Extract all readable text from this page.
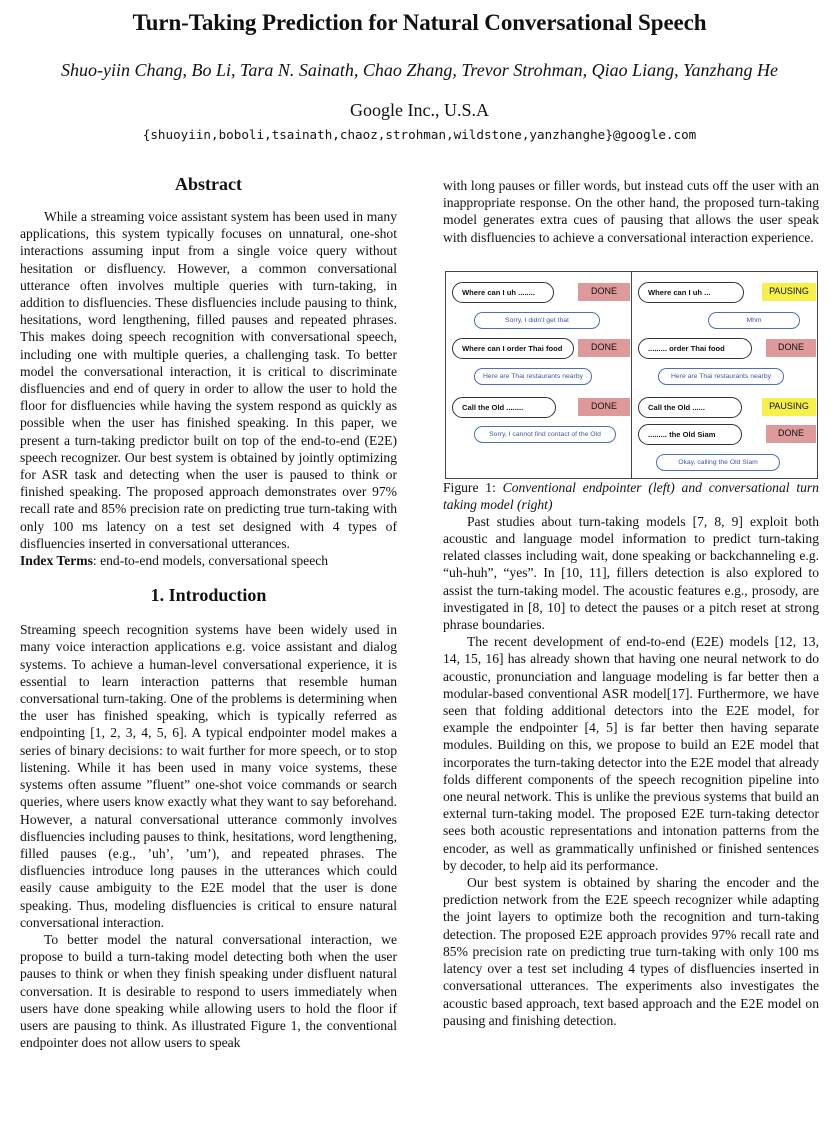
Turn-Taking Prediction for Natural Conversational Speech
Shuo-yiin Chang, Bo Li, Tara N. Sainath, Chao Zhang, Trevor Strohman, Qiao Liang, Yanzhang He
Google Inc., U.S.A
{shuoyiin,boboli,tsainath,chaoz,strohman,wildstone,yanzhanghe}@google.com
Abstract

While a streaming voice assistant system has been used in many applications, this system typically focuses on unnatural, one-shot interactions assuming input from a single voice query without hesitation or disfluency. However, a common conversational utterance often involves multiple queries with turn-taking, in addition to disfluencies. These disfluencies include pausing to think, hesitations, word lengthening, filled pauses and repeated phrases. This makes doing speech recognition with conversational speech, including one with multiple queries, a challenging task. To better model the conversational interaction, it is critical to discriminate disfluencies and end of query in order to allow the user to hold the floor for disfluencies while having the system respond as quickly as possible when the user has finished speaking. In this paper, we present a turn-taking predictor built on top of the end-to-end (E2E) speech recognizer. Our best system is obtained by jointly optimizing for ASR task and detecting when the user is paused to think or finished speaking. The proposed approach demonstrates over 97% recall rate and 85% precision rate on predicting true turn-taking with only 100 ms latency on a test set designed with 4 types of disfluencies inserted in conversational utterances.

Index Terms: end-to-end models, conversational speech

1. Introduction

Streaming speech recognition systems have been widely used in many voice interaction applications e.g. voice assistant and dialog systems. To achieve a human-level conversational experience, it is essential to learn interaction patterns that resemble human conversational turn-taking. One of the problems is determining when the user has finished speaking, which is typically referred as endpointing [1, 2, 3, 4, 5, 6]. A typical endpointer model makes a series of binary decisions: to wait further for more speech, or to stop listening. While it has been used in many voice systems, these systems often assume ”fluent” one-shot voice commands or search queries, where users know exactly what they want to say beforehand. However, a natural conversational utterance commonly involves disfluencies including pauses to think, hesitations, word lengthening, filled pauses (e.g., ’uh’, ’um’), and repeated phrases. The disfluencies introduce long pauses in the utterances which could easily cause ambiguity to the E2E model that the user is done speaking. Thus, modeling disfluencies is critical to ensure natural conversational interaction.

To better model the natural conversational interaction, we propose to build a turn-taking model detecting both when the user pauses to think or when they finish speaking under disfluent natural conversation. It is desirable to respond to users immediately when users have done speaking while allowing users to hold the floor if users are pausing to think. As illustrated Figure 1, the conventional endpointer does not allow users to speak

with long pauses or filler words, but instead cuts off the user with an inappropriate response. On the other hand, the proposed turn-taking model generates extra cues of pausing that allows the user speak with disfluencies to achieve a conversational interaction experience.

Where can I uh ........	DONE
Sorry, I didn't get that
Where can I order Thai food	DONE
Here are Thai restaurants nearby
Call the Old ........	DONE
Sorry, I cannot find contact of the Old
Where can I uh ...	PAUSING
Mhm
......... order Thai food	DONE
Here are Thai restaurants nearby
Call the Old ......	PAUSING
......... the Old Siam	DONE
Okay, calling the Old Siam

Figure 1: Conventional endpointer (left) and conversational turn taking model (right)

Past studies about turn-taking models [7, 8, 9] exploit both acoustic and language model information to predict turn-taking related classes including wait, done speaking or backchanneling e.g. “uh-huh”, “yes”. In [10, 11], fillers detection is also explored to assist the turn-taking model. The acoustic features e.g., prosody, are investigated in [8, 10] to detect the pauses or a pitch reset at strong phrase boundaries.

The recent development of end-to-end (E2E) models [12, 13, 14, 15, 16] has already shown that having one neural network to do acoustic, pronunciation and language modeling is far better then a modular-based conventional ASR model[17]. Furthermore, we have seen that folding additional detectors into the E2E model, for example the endpointer [4, 5] is far better then having separate modules. Building on this, we propose to build an E2E model that incorporates the turn-taking detector into the E2E model that already folds different components of the speech recognition pipeline into one neural network. This is unlike the previous systems that build an external turn-taking model. The proposed E2E turn-taking detector sees both acoustic representations and intonation patterns from the encoder, as well as grammatically unfinished or finished sentences by decoder, to help aid its performance.

Our best system is obtained by sharing the encoder and the prediction network from the E2E speech recognizer while adapting the joint layers to optimize both the recognition and turn-taking detection. The proposed E2E approach provides 97% recall rate and 85% precision rate on predicting true turn-taking with only 100 ms latency over a test set including 4 types of disfluencies inserted in conversational utterances. The experiments also investigates the acoustic based approach, text based approach and the E2E model on pausing and finishing detection.
